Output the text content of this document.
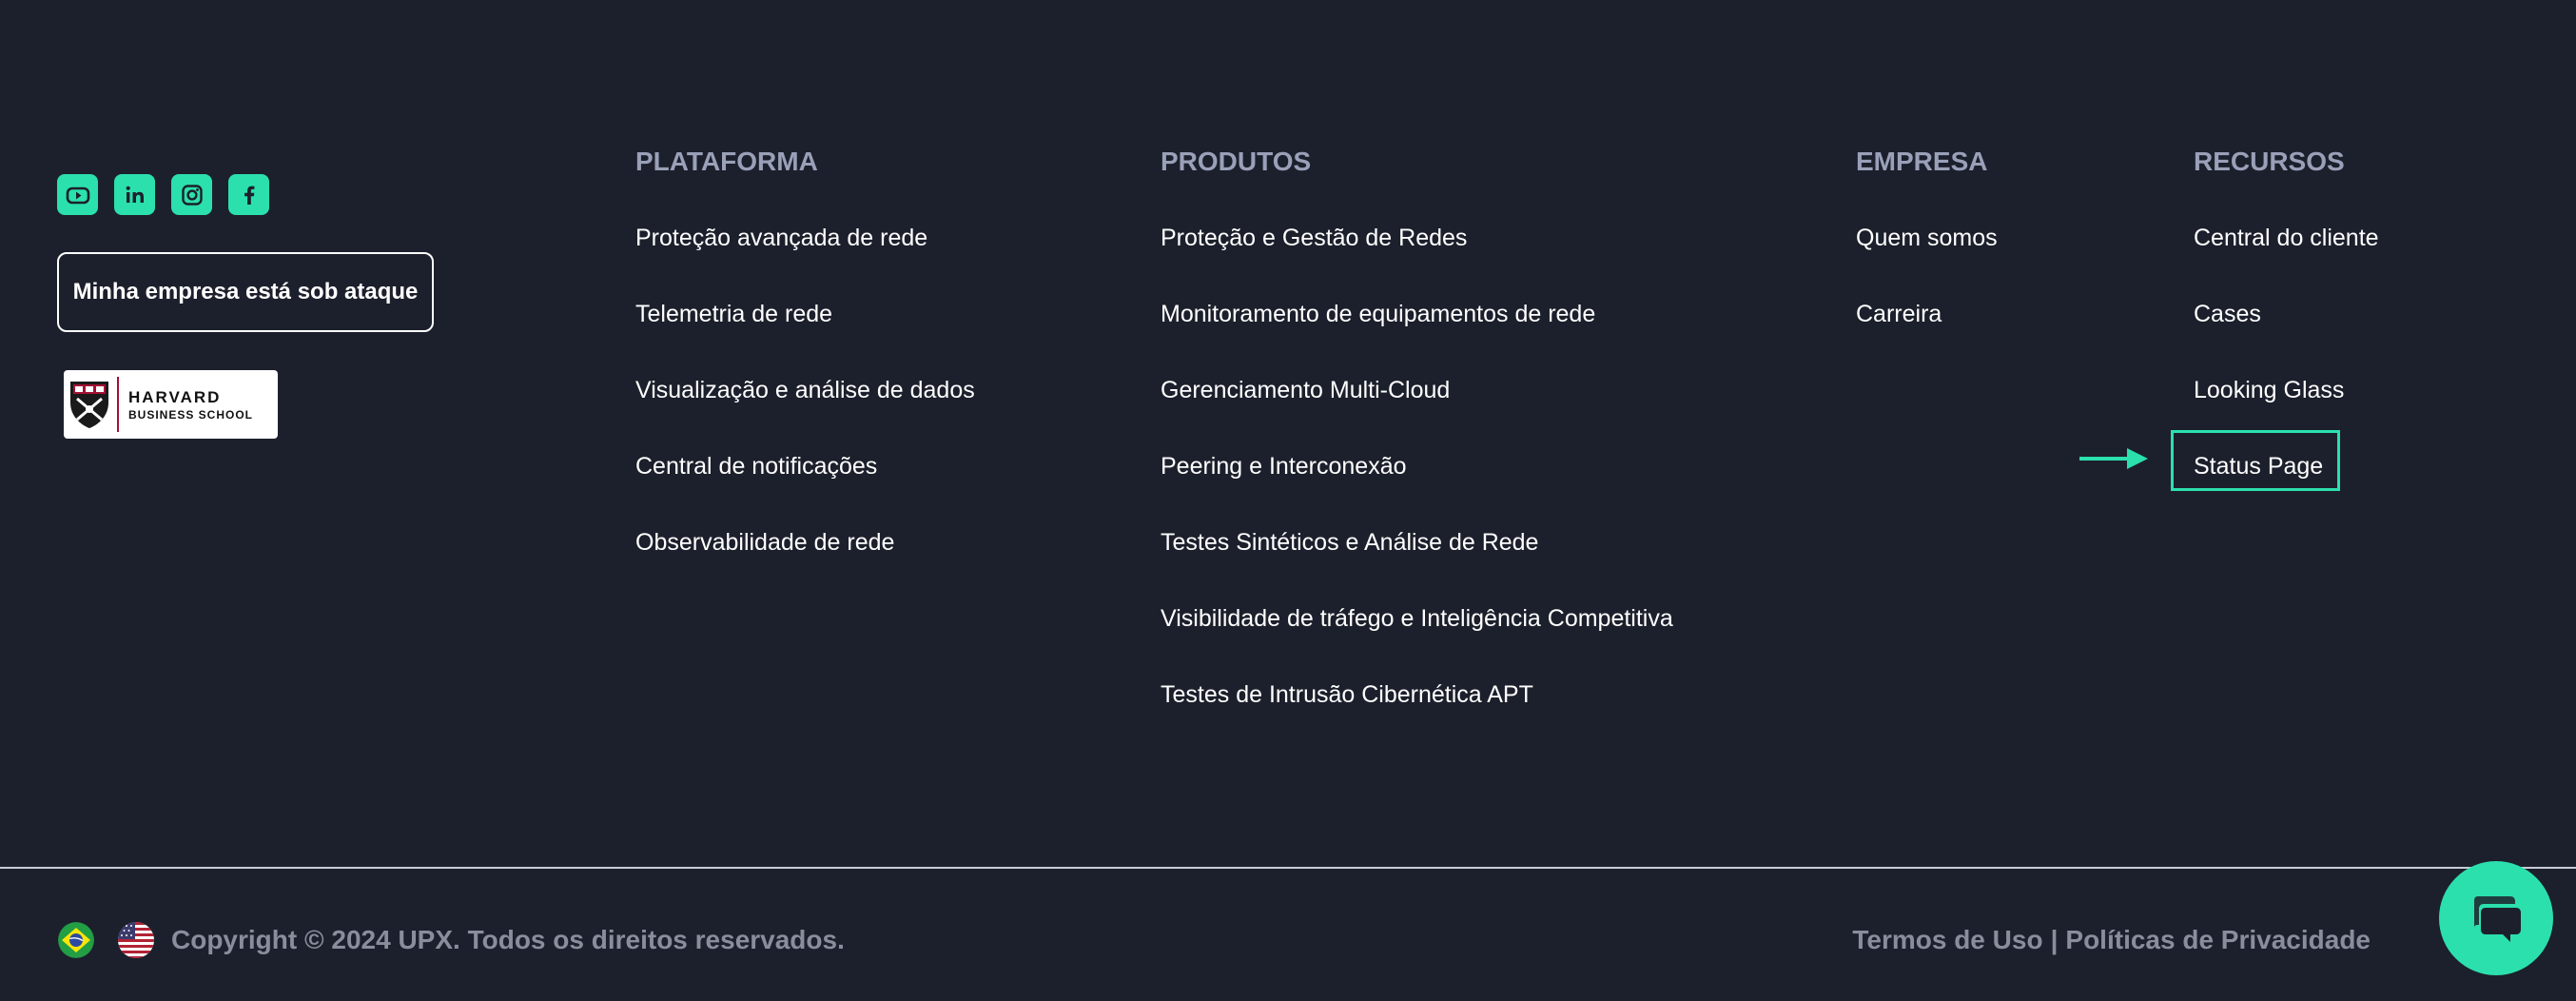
Minha empresa está sob ataque
HARVARD
BUSINESS SCHOOL
PLATAFORMA
Proteção avançada de rede
Telemetria de rede
Visualização e análise de dados
Central de notificações
Observabilidade de rede
PRODUTOS
Proteção e Gestão de Redes
Monitoramento de equipamentos de rede
Gerenciamento Multi-Cloud
Peering e Interconexão
Testes Sintéticos e Análise de Rede
Visibilidade de tráfego e Inteligência Competitiva
Testes de Intrusão Cibernética APT
EMPRESA
Quem somos
Carreira
RECURSOS
Central do cliente
Cases
Looking Glass
Status Page
Copyright © 2024 UPX. Todos os direitos reservados.	Termos de Uso | Políticas de Privacidade
